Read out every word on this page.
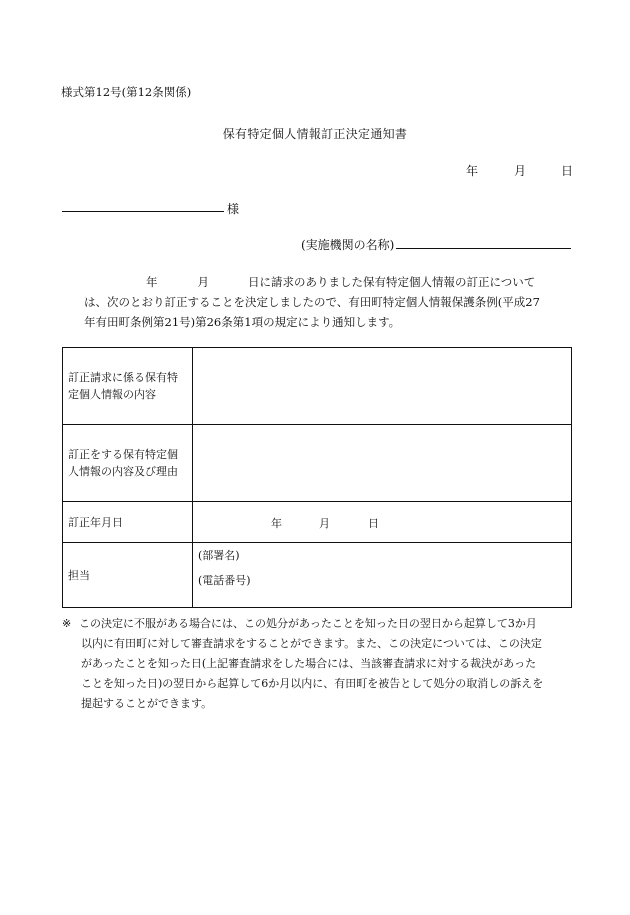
様式第12号(第12条関係)
保有特定個人情報訂正決定通知書
年	月	日
様
(実施機関の名称)
年	月	日に請求のありました保有特定個人情報の訂正について
は、次のとおり訂正することを決定しましたので、有田町特定個人情報保護条例(平成27
年有田町条例第21号)第26条第1項の規定により通知します。
訂正請求に係る保有特
定個人情報の内容	

訂正をする保有特定個
人情報の内容及び理由	

訂正年月日	年 月 日

担当	(部署名)
(電話番号)
※ この決定に不服がある場合には、この処分があったことを知った日の翌日から起算して3か月
以内に有田町に対して審査請求をすることができます。また、この決定については、この決定
があったことを知った日(上記審査請求をした場合には、当該審査請求に対する裁決があった
ことを知った日)の翌日から起算して6か月以内に、有田町を被告として処分の取消しの訴えを
提起することができます。
